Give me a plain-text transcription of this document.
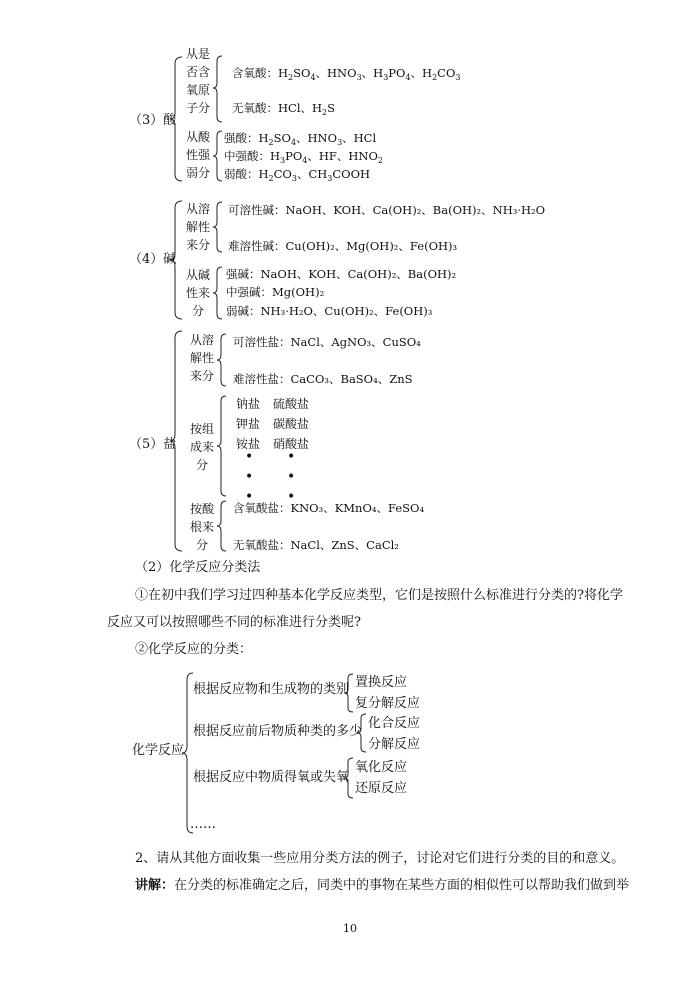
（3）酸
从是
否含
氧原
子分
含氧酸：$H_2SO_4$、$HNO_3$、$H_3PO_4$、$H_2CO_3$
无氧酸：HCl、$H_2S$
从酸
性强
弱分
强酸：$H_2SO_4$、$HNO_3$、HCl
中强酸：$H_3PO_4$、HF、$HNO_2$
弱酸：$H_2CO_3$、$CH_3COOH$
（4）碱
从溶
解性
来分
可溶性碱：NaOH、KOH、Ca(OH)₂、Ba(OH)₂、NH₃·H₂O
难溶性碱：Cu(OH)₂、Mg(OH)₂、Fe(OH)₃
从碱
性来
分
强碱：NaOH、KOH、Ca(OH)₂、Ba(OH)₂
中强碱：Mg(OH)₂
弱碱：NH₃·H₂O、Cu(OH)₂、Fe(OH)₃
（5）盐
从溶
解性
来分
可溶性盐：NaCl、AgNO₃、CuSO₄
难溶性盐：CaCO₃、BaSO₄、ZnS
按组
成来
分
钠盐
钾盐
铵盐
硫酸盐
碳酸盐
硝酸盐
•
•
•
•
•
•
按酸
根来
分
含氧酸盐：KNO₃、KMnO₄、FeSO₄
无氧酸盐：NaCl、ZnS、CaCl₂
（2）化学反应分类法
①在初中我们学习过四种基本化学反应类型，它们是按照什么标准进行分类的?将化学
反应又可以按照哪些不同的标准进行分类呢?
②化学反应的分类：
化学反应
根据反应物和生成物的类别 置换反应
复分解反应
根据反应前后物质种类的多少
化合反应
分解反应
根据反应中物质得氧或失氧
氧化反应
还原反应
……
2、请从其他方面收集一些应用分类方法的例子，讨论对它们进行分类的目的和意义。
讲解：在分类的标准确定之后，同类中的事物在某些方面的相似性可以帮助我们做到举
10
